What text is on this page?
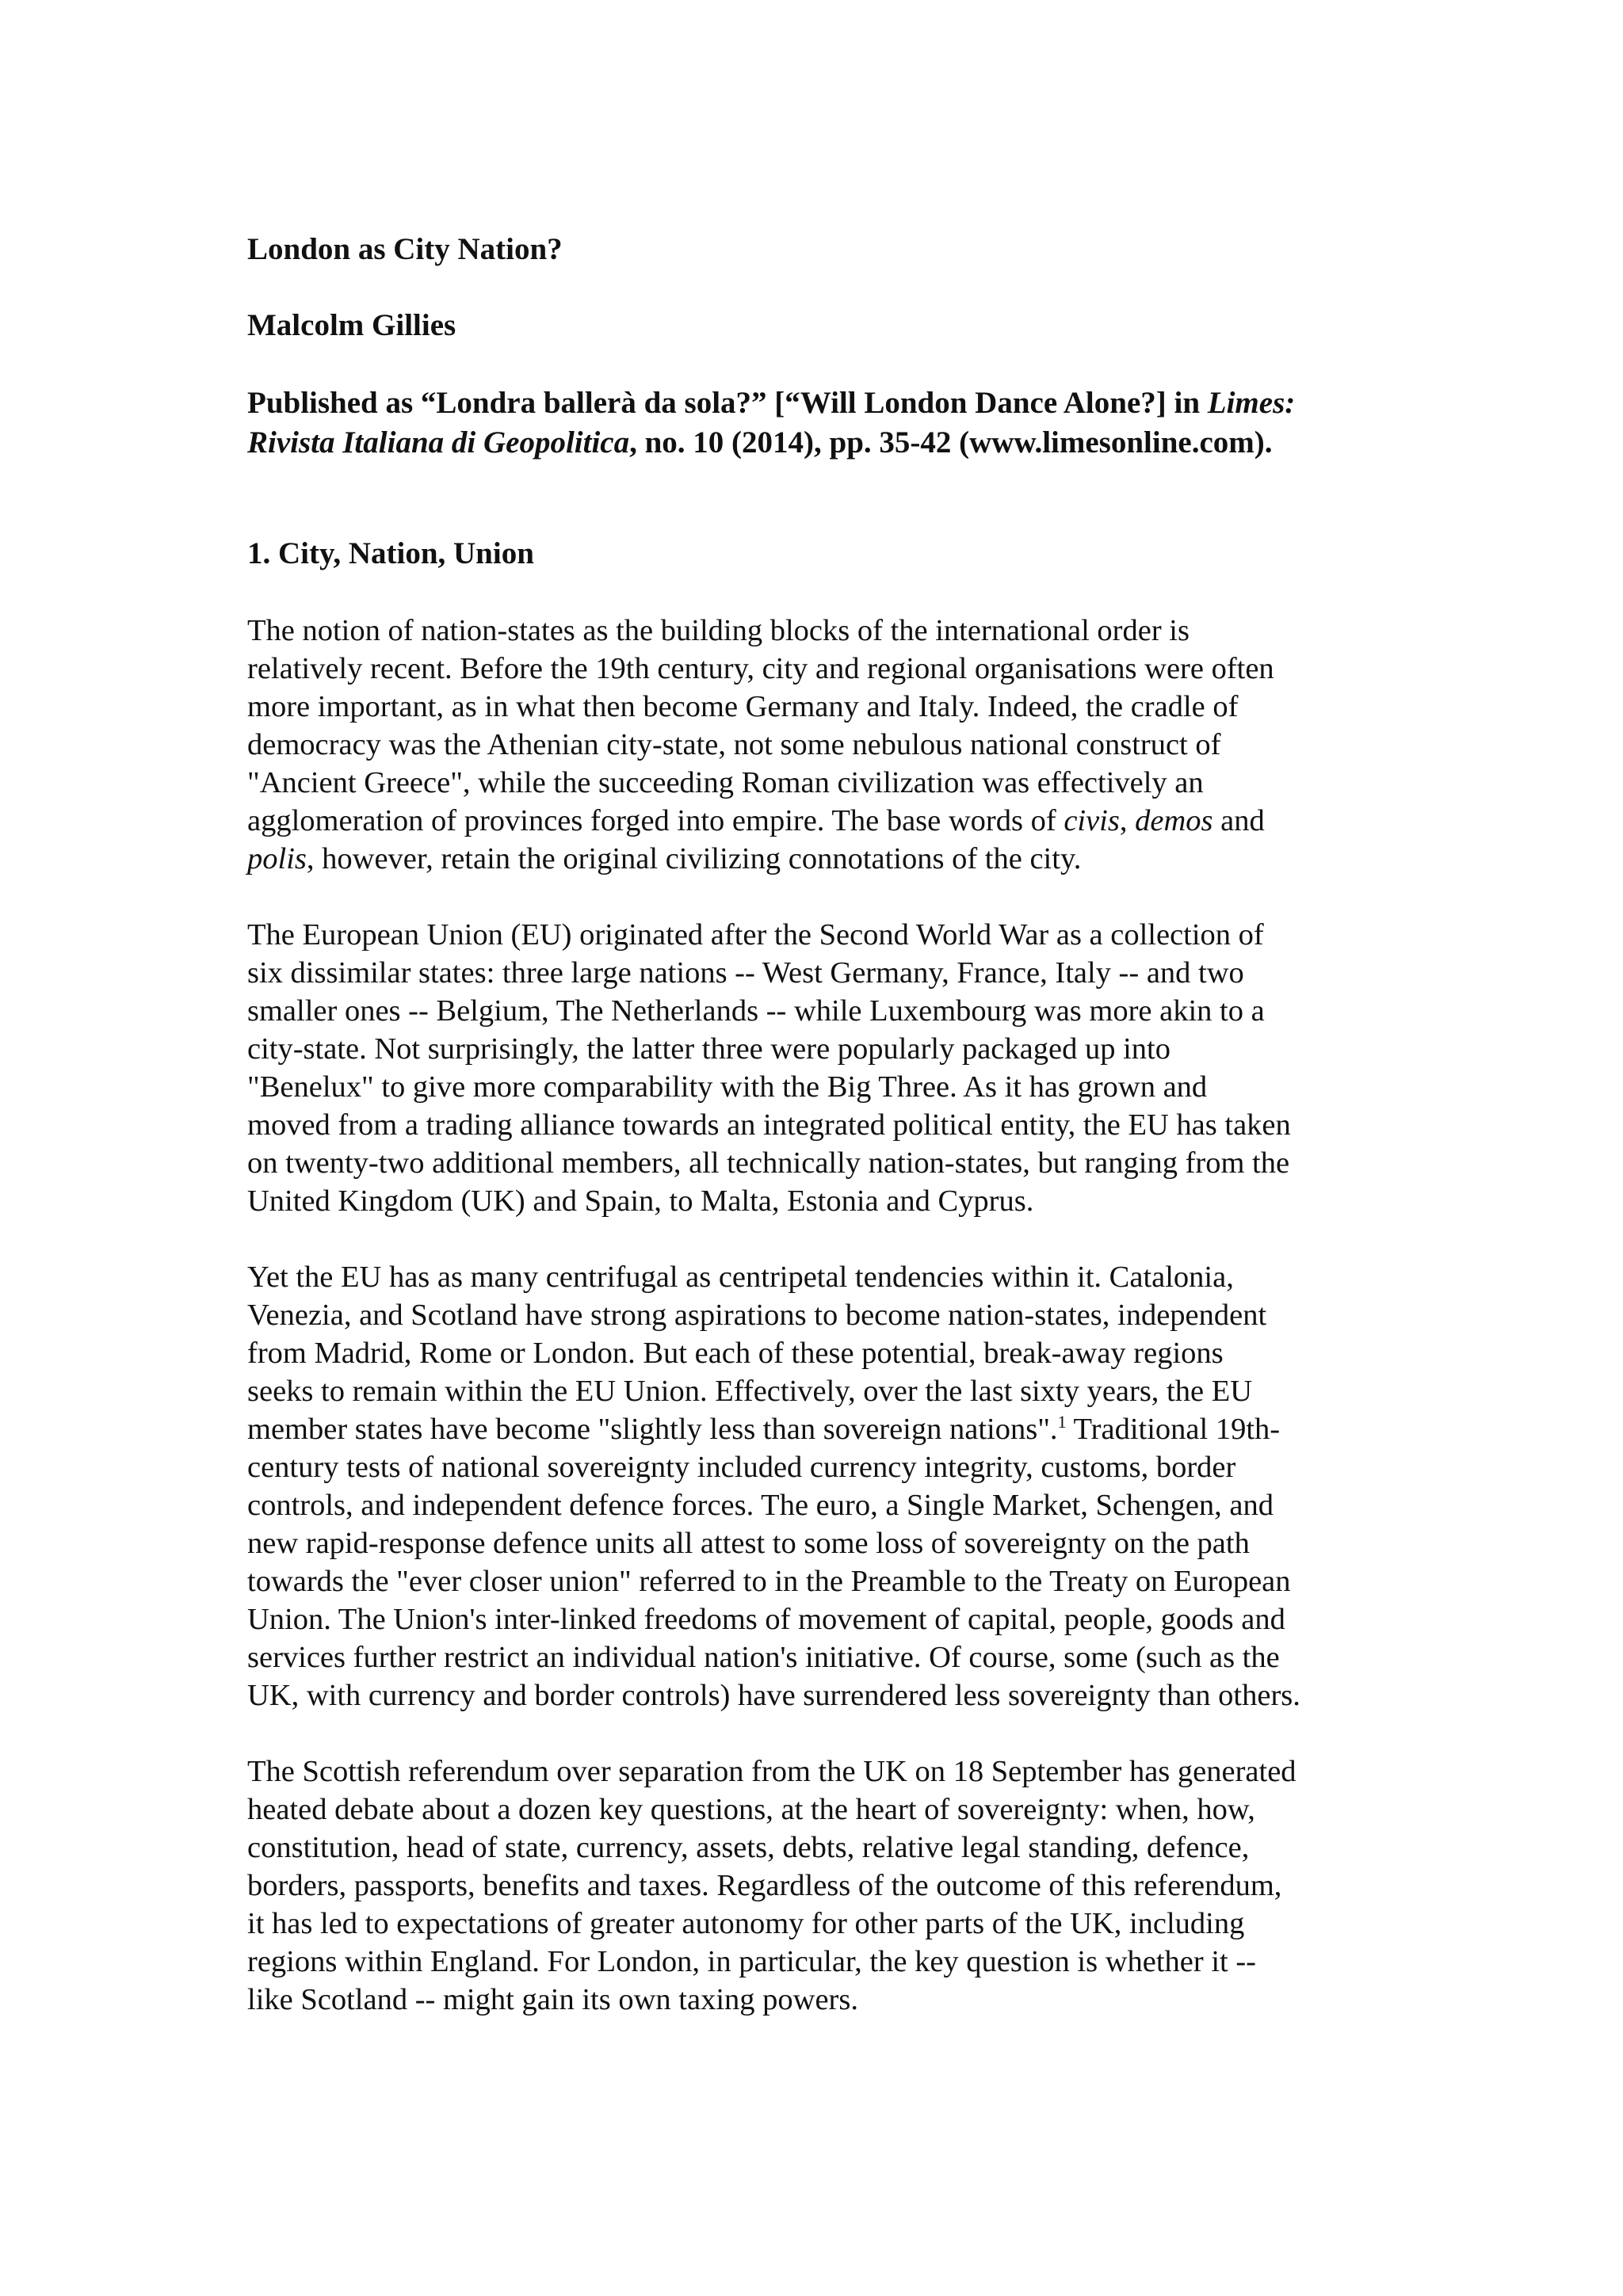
London as City Nation?
Malcolm Gillies
Published as “Londra ballerà da sola?” [“Will London Dance Alone?] in Limes:
Rivista Italiana di Geopolitica, no. 10 (2014), pp. 35-42 (www.limesonline.com).
1. City, Nation, Union
The notion of nation-states as the building blocks of the international order is
relatively recent. Before the 19th century, city and regional organisations were often
more important, as in what then become Germany and Italy. Indeed, the cradle of
democracy was the Athenian city-state, not some nebulous national construct of
"Ancient Greece", while the succeeding Roman civilization was effectively an
agglomeration of provinces forged into empire. The base words of civis, demos and
polis, however, retain the original civilizing connotations of the city.
The European Union (EU) originated after the Second World War as a collection of
six dissimilar states: three large nations -- West Germany, France, Italy -- and two
smaller ones -- Belgium, The Netherlands -- while Luxembourg was more akin to a
city-state. Not surprisingly, the latter three were popularly packaged up into
"Benelux" to give more comparability with the Big Three. As it has grown and
moved from a trading alliance towards an integrated political entity, the EU has taken
on twenty-two additional members, all technically nation-states, but ranging from the
United Kingdom (UK) and Spain, to Malta, Estonia and Cyprus.
Yet the EU has as many centrifugal as centripetal tendencies within it. Catalonia,
Venezia, and Scotland have strong aspirations to become nation-states, independent
from Madrid, Rome or London. But each of these potential, break-away regions
seeks to remain within the EU Union. Effectively, over the last sixty years, the EU
member states have become "slightly less than sovereign nations".$^1$ Traditional 19th-
century tests of national sovereignty included currency integrity, customs, border
controls, and independent defence forces. The euro, a Single Market, Schengen, and
new rapid-response defence units all attest to some loss of sovereignty on the path
towards the "ever closer union" referred to in the Preamble to the Treaty on European
Union. The Union's inter-linked freedoms of movement of capital, people, goods and
services further restrict an individual nation's initiative. Of course, some (such as the
UK, with currency and border controls) have surrendered less sovereignty than others.
The Scottish referendum over separation from the UK on 18 September has generated
heated debate about a dozen key questions, at the heart of sovereignty: when, how,
constitution, head of state, currency, assets, debts, relative legal standing, defence,
borders, passports, benefits and taxes. Regardless of the outcome of this referendum,
it has led to expectations of greater autonomy for other parts of the UK, including
regions within England. For London, in particular, the key question is whether it --
like Scotland -- might gain its own taxing powers.
